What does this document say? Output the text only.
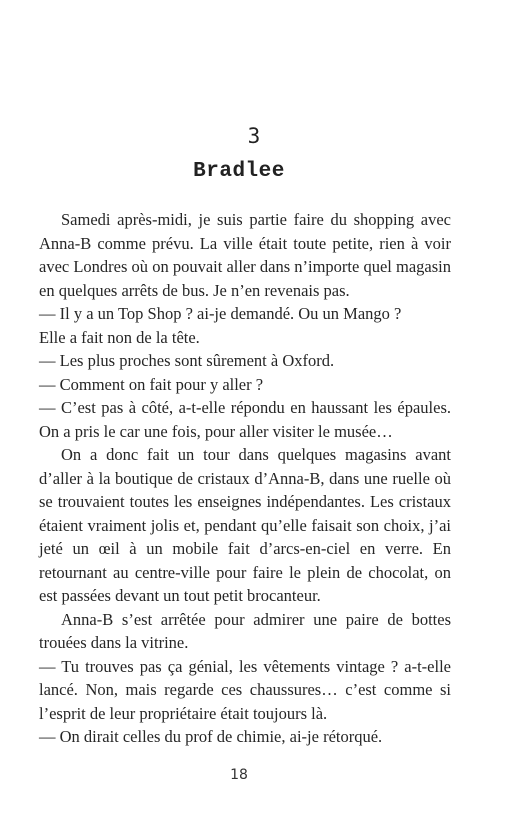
3
Bradlee

Samedi après-midi, je suis partie faire du shopping avec Anna-B comme prévu. La ville était toute petite, rien à voir avec Londres où on pouvait aller dans n’importe quel magasin en quelques arrêts de bus. Je n’en revenais pas.

— Il y a un Top Shop ? ai-je demandé. Ou un Mango ?

Elle a fait non de la tête.

— Les plus proches sont sûrement à Oxford.

— Comment on fait pour y aller ?

— C’est pas à côté, a-t-elle répondu en haussant les épaules. On a pris le car une fois, pour aller visiter le musée…

On a donc fait un tour dans quelques magasins avant d’aller à la boutique de cristaux d’Anna-B, dans une ruelle où se trouvaient toutes les enseignes indépendantes. Les cristaux étaient vraiment jolis et, pendant qu’elle faisait son choix, j’ai jeté un œil à un mobile fait d’arcs-en-ciel en verre. En retournant au centre-ville pour faire le plein de chocolat, on est passées devant un tout petit brocanteur.

Anna-B s’est arrêtée pour admirer une paire de bottes trouées dans la vitrine.

— Tu trouves pas ça génial, les vêtements vintage ? a-t-elle lancé. Non, mais regarde ces chaussures… c’est comme si l’esprit de leur propriétaire était toujours là.

— On dirait celles du prof de chimie, ai-je rétorqué.

18
